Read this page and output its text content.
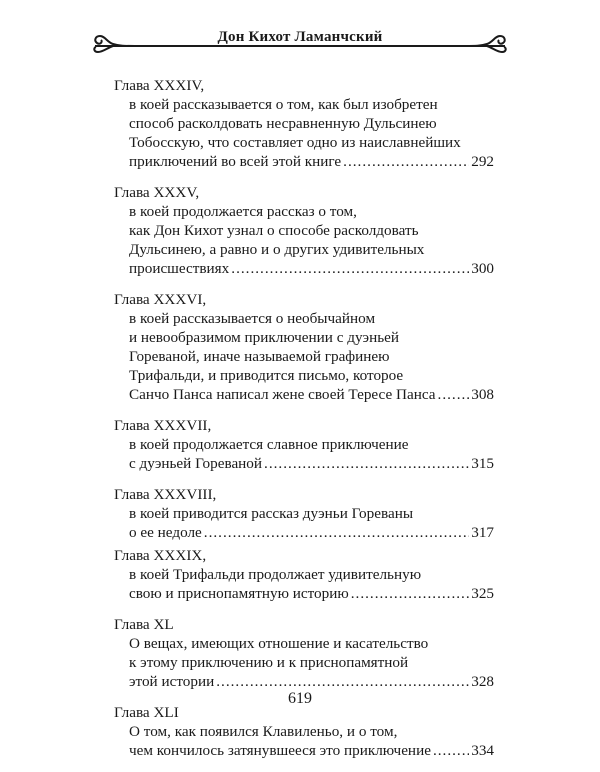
Дон Кихот Ламанчский
Глава XXXIV,
в коей рассказывается о том, как был изобретен
способ расколдовать несравненную Дульсинею
Тобосскую, что составляет одно из наиславнейших
приключений во всей этой книге .....	292
Глава XXXV,
в коей продолжается рассказ о том,
как Дон Кихот узнал о способе расколдовать
Дульсинею, а равно и о других удивительных
происшествиях .....	300
Глава XXXVI,
в коей рассказывается о необычайном
и невообразимом приключении с дуэньей
Гореваной, иначе называемой графинею
Трифальди, и приводится письмо, которое
Санчо Панса написал жене своей Тересе Панса ..... 308
Глава XXXVII,
в коей продолжается славное приключение
с дуэньей Гореваной .....	315
Глава XXXVIII,
в коей приводится рассказ дуэньи Гореваны
о ее недоле .....	317
Глава XXXIX,
в коей Трифальди продолжает удивительную
свою и приснопамятную историю .....	325
Глава XL
О вещах, имеющих отношение и касательство
к этому приключению и к приснопамятной
этой истории .....	328
Глава XLI
О том, как появился Клавиленьо, и о том,
чем кончилось затянувшееся это приключение .....	334
619
